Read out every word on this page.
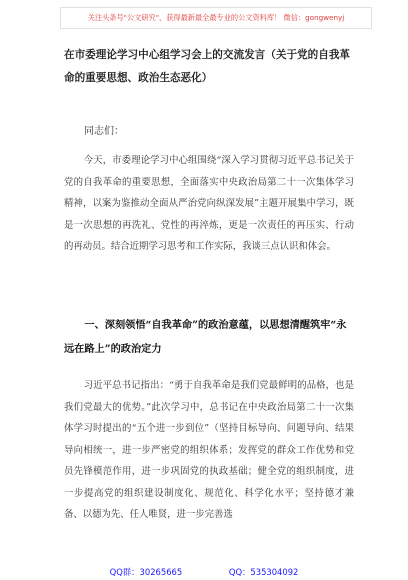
关注头条号"公文研究"，获得最新最全最专业的公文资料库！ 微信：gongwenyj
在市委理论学习中心组学习会上的交流发言（关于党的自我革命的重要思想、政治生态恶化）
同志们：
今天，市委理论学习中心组围绕“深入学习贯彻习近平总书记关于党的自我革命的重要思想，全面落实中央政治局第二十一次集体学习精神，以案为鉴推动全面从严治党向纵深发展”主题开展集中学习，既是一次思想的再洗礼、党性的再淬炼，更是一次责任的再压实、行动的再动员。结合近期学习思考和工作实际，我谈三点认识和体会。
一、深刻领悟“自我革命”的政治意蕴，以思想清醒筑牢“永远在路上”的政治定力
习近平总书记指出：“勇于自我革命是我们党最鲜明的品格，也是我们党最大的优势。”此次学习中，总书记在中央政治局第二十一次集体学习时提出的“五个进一步到位”（坚持目标导向、问题导向、结果导向相统一，进一步严密党的组织体系；发挥党的群众工作优势和党员先锋模范作用，进一步巩固党的执政基础；健全党的组织制度，进一步提高党的组织建设制度化、规范化、科学化水平；坚持德才兼备、以德为先、任人唯贤，进一步完善选
QQ群：30265665	QQ：535304092
